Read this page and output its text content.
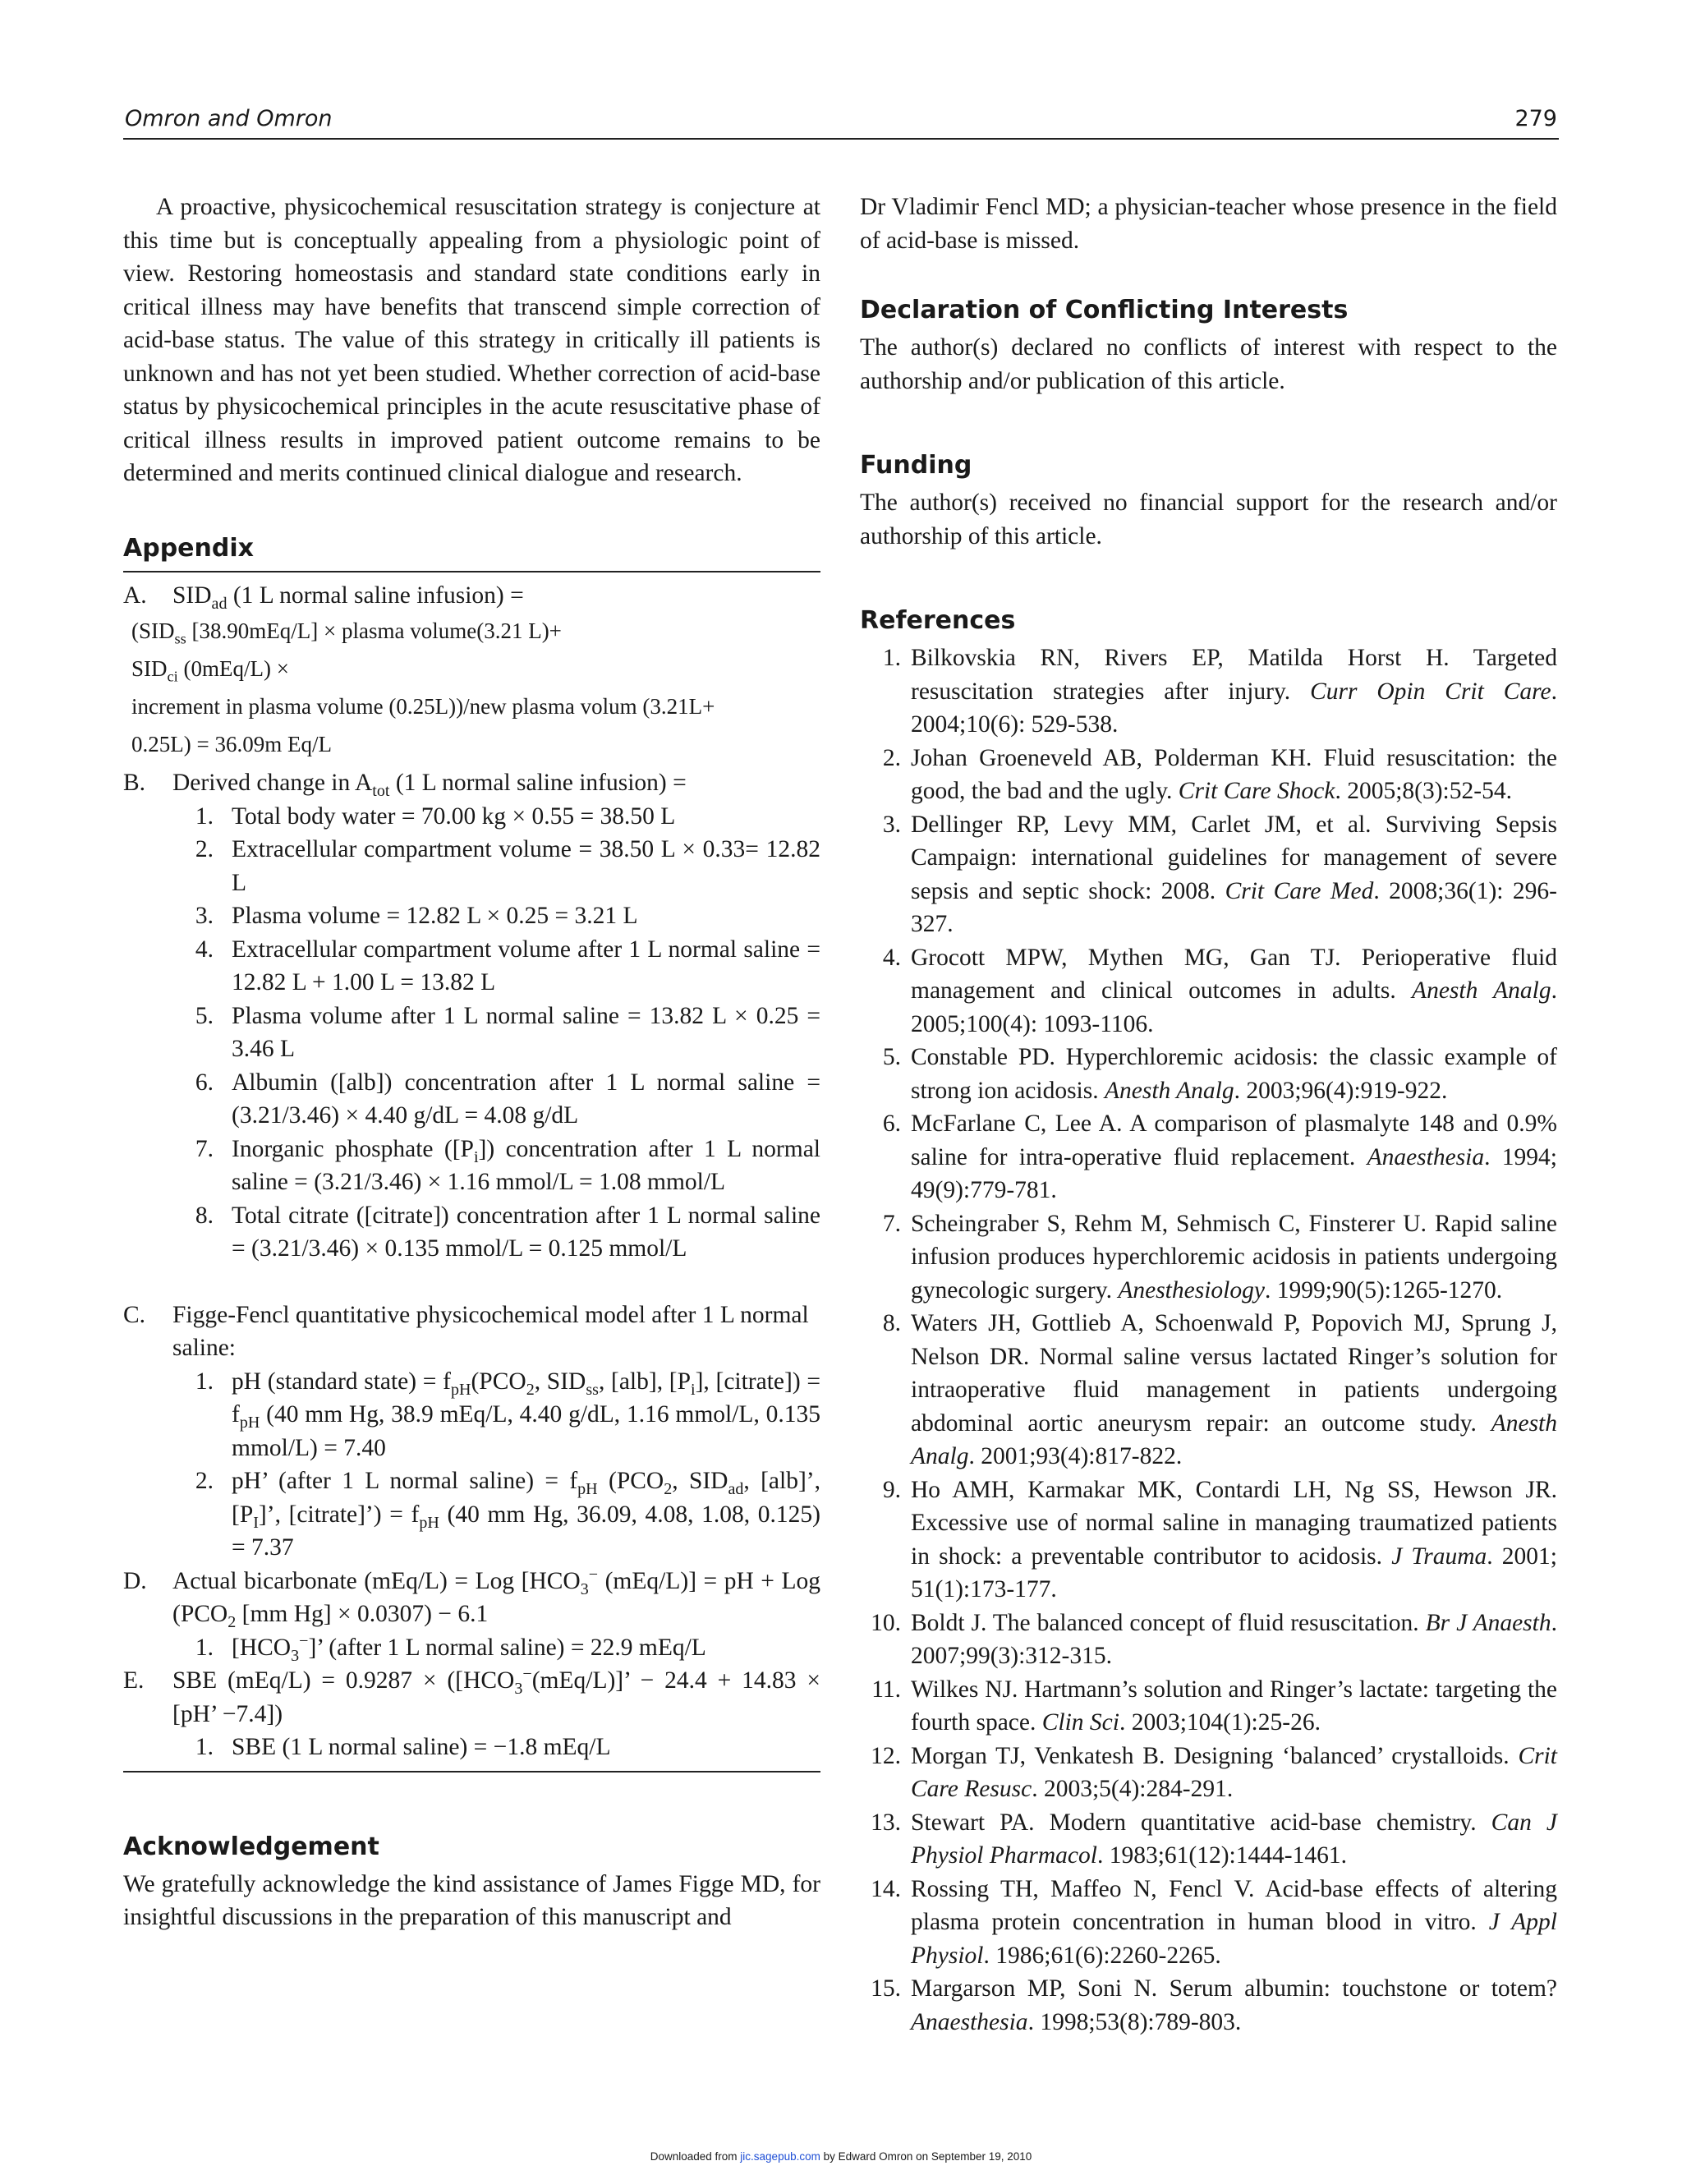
Omron and Omron	279

A proactive, physicochemical resuscitation strategy is conjecture at this time but is conceptually appealing from a physiologic point of view. Restoring homeostasis and standard state conditions early in critical illness may have benefits that transcend simple correction of acid-base status. The value of this strategy in critically ill patients is unknown and has not yet been studied. Whether correction of acid-base status by physicochemical principles in the acute resuscitative phase of critical illness results in improved patient outcome remains to be determined and merits continued clinical dialogue and research.

Appendix
A.	$SID_{ad}$ (1 L normal saline infusion) =
($SID_{ss}$ [38.90mEq/L] × plasma volume(3.21 L)+
$SID_{ci}$ (0mEq/L) ×
increment in plasma volume (0.25L))/new plasma volum (3.21L+
0.25L) = 36.09m Eq/L
B.	Derived change in $A_{tot}$ (1 L normal saline infusion) =
1. Total body water = 70.00 kg × 0.55 = 38.50 L
2. Extracellular compartment volume = 38.50 L × 0.33= 12.82 L
3. Plasma volume = 12.82 L × 0.25 = 3.21 L
4. Extracellular compartment volume after 1 L normal saline = 12.82 L + 1.00 L = 13.82 L
5. Plasma volume after 1 L normal saline = 13.82 L × 0.25 = 3.46 L
6. Albumin ([alb]) concentration after 1 L normal saline = (3.21/3.46) × 4.40 g/dL = 4.08 g/dL
7. Inorganic phosphate $([P_i])$ concentration after 1 L normal saline = (3.21/3.46) × 1.16 mmol/L = 1.08 mmol/L
8. Total citrate ([citrate]) concentration after 1 L normal saline = (3.21/3.46) × 0.135 mmol/L = 0.125 mmol/L
C.	Figge-Fencl quantitative physicochemical model after 1 L normal saline:
1. pH (standard state) = $f_{pH}(PCO_2$, $SID_{ss}$, [alb], $[P_i]$, [citrate]) = $f_{pH}$ (40 mm Hg, 38.9 mEq/L, 4.40 g/dL, 1.16 mmol/L, 0.135 mmol/L) = 7.40
2. pH’ (after 1 L normal saline) = $f_{pH}$ ($PCO_2$, $SID_{ad}$, [alb]’, $[P_I]$’, [citrate]’) = $f_{pH}$ (40 mm Hg, 36.09, 4.08, 1.08, 0.125) = 7.37
D.	Actual bicarbonate (mEq/L) = Log [$HCO_3^-$ (mEq/L)] = pH + Log ($PCO_2$ [mm Hg] × 0.0307) − 6.1
1. $[HCO_3^-]$’ (after 1 L normal saline) = 22.9 mEq/L
E.	SBE $(mEq/L) = 0.9287 \times ([HCO_3^-(mEq/L)]$’ − 24.4 + 14.83 × [pH’ −7.4])
1. SBE (1 L normal saline) = −1.8 mEq/L
Acknowledgement

We gratefully acknowledge the kind assistance of James Figge MD, for insightful discussions in the preparation of this manuscript and

Dr Vladimir Fencl MD; a physician-teacher whose presence in the field of acid-base is missed.

Declaration of Conflicting Interests

The author(s) declared no conflicts of interest with respect to the authorship and/or publication of this article.

Funding

The author(s) received no financial support for the research and/or authorship of this article.

References
1. Bilkovskia RN, Rivers EP, Matilda Horst H. Targeted resuscitation strategies after injury. Curr Opin Crit Care. 2004;10(6): 529-538.
2. Johan Groeneveld AB, Polderman KH. Fluid resuscitation: the good, the bad and the ugly. Crit Care Shock. 2005;8(3):52-54.
3. Dellinger RP, Levy MM, Carlet JM, et al. Surviving Sepsis Campaign: international guidelines for management of severe sepsis and septic shock: 2008. Crit Care Med. 2008;36(1): 296-327.
4. Grocott MPW, Mythen MG, Gan TJ. Perioperative fluid management and clinical outcomes in adults. Anesth Analg. 2005;100(4): 1093-1106.
5. Constable PD. Hyperchloremic acidosis: the classic example of strong ion acidosis. Anesth Analg. 2003;96(4):919-922.
6. McFarlane C, Lee A. A comparison of plasmalyte 148 and 0.9% saline for intra-operative fluid replacement. Anaesthesia. 1994; 49(9):779-781.
7. Scheingraber S, Rehm M, Sehmisch C, Finsterer U. Rapid saline infusion produces hyperchloremic acidosis in patients undergoing gynecologic surgery. Anesthesiology. 1999;90(5):1265-1270.
8. Waters JH, Gottlieb A, Schoenwald P, Popovich MJ, Sprung J, Nelson DR. Normal saline versus lactated Ringer’s solution for intraoperative fluid management in patients undergoing abdominal aortic aneurysm repair: an outcome study. Anesth Analg. 2001;93(4):817-822.
9. Ho AMH, Karmakar MK, Contardi LH, Ng SS, Hewson JR. Excessive use of normal saline in managing traumatized patients in shock: a preventable contributor to acidosis. J Trauma. 2001; 51(1):173-177.
10. Boldt J. The balanced concept of fluid resuscitation. Br J Anaesth. 2007;99(3):312-315.
11. Wilkes NJ. Hartmann’s solution and Ringer’s lactate: targeting the fourth space. Clin Sci. 2003;104(1):25-26.
12. Morgan TJ, Venkatesh B. Designing ‘balanced’ crystalloids. Crit Care Resusc. 2003;5(4):284-291.
13. Stewart PA. Modern quantitative acid-base chemistry. Can J Physiol Pharmacol. 1983;61(12):1444-1461.
14. Rossing TH, Maffeo N, Fencl V. Acid-base effects of altering plasma protein concentration in human blood in vitro. J Appl Physiol. 1986;61(6):2260-2265.
15. Margarson MP, Soni N. Serum albumin: touchstone or totem? Anaesthesia. 1998;53(8):789-803.
Downloaded from jic.sagepub.com by Edward Omron on September 19, 2010
